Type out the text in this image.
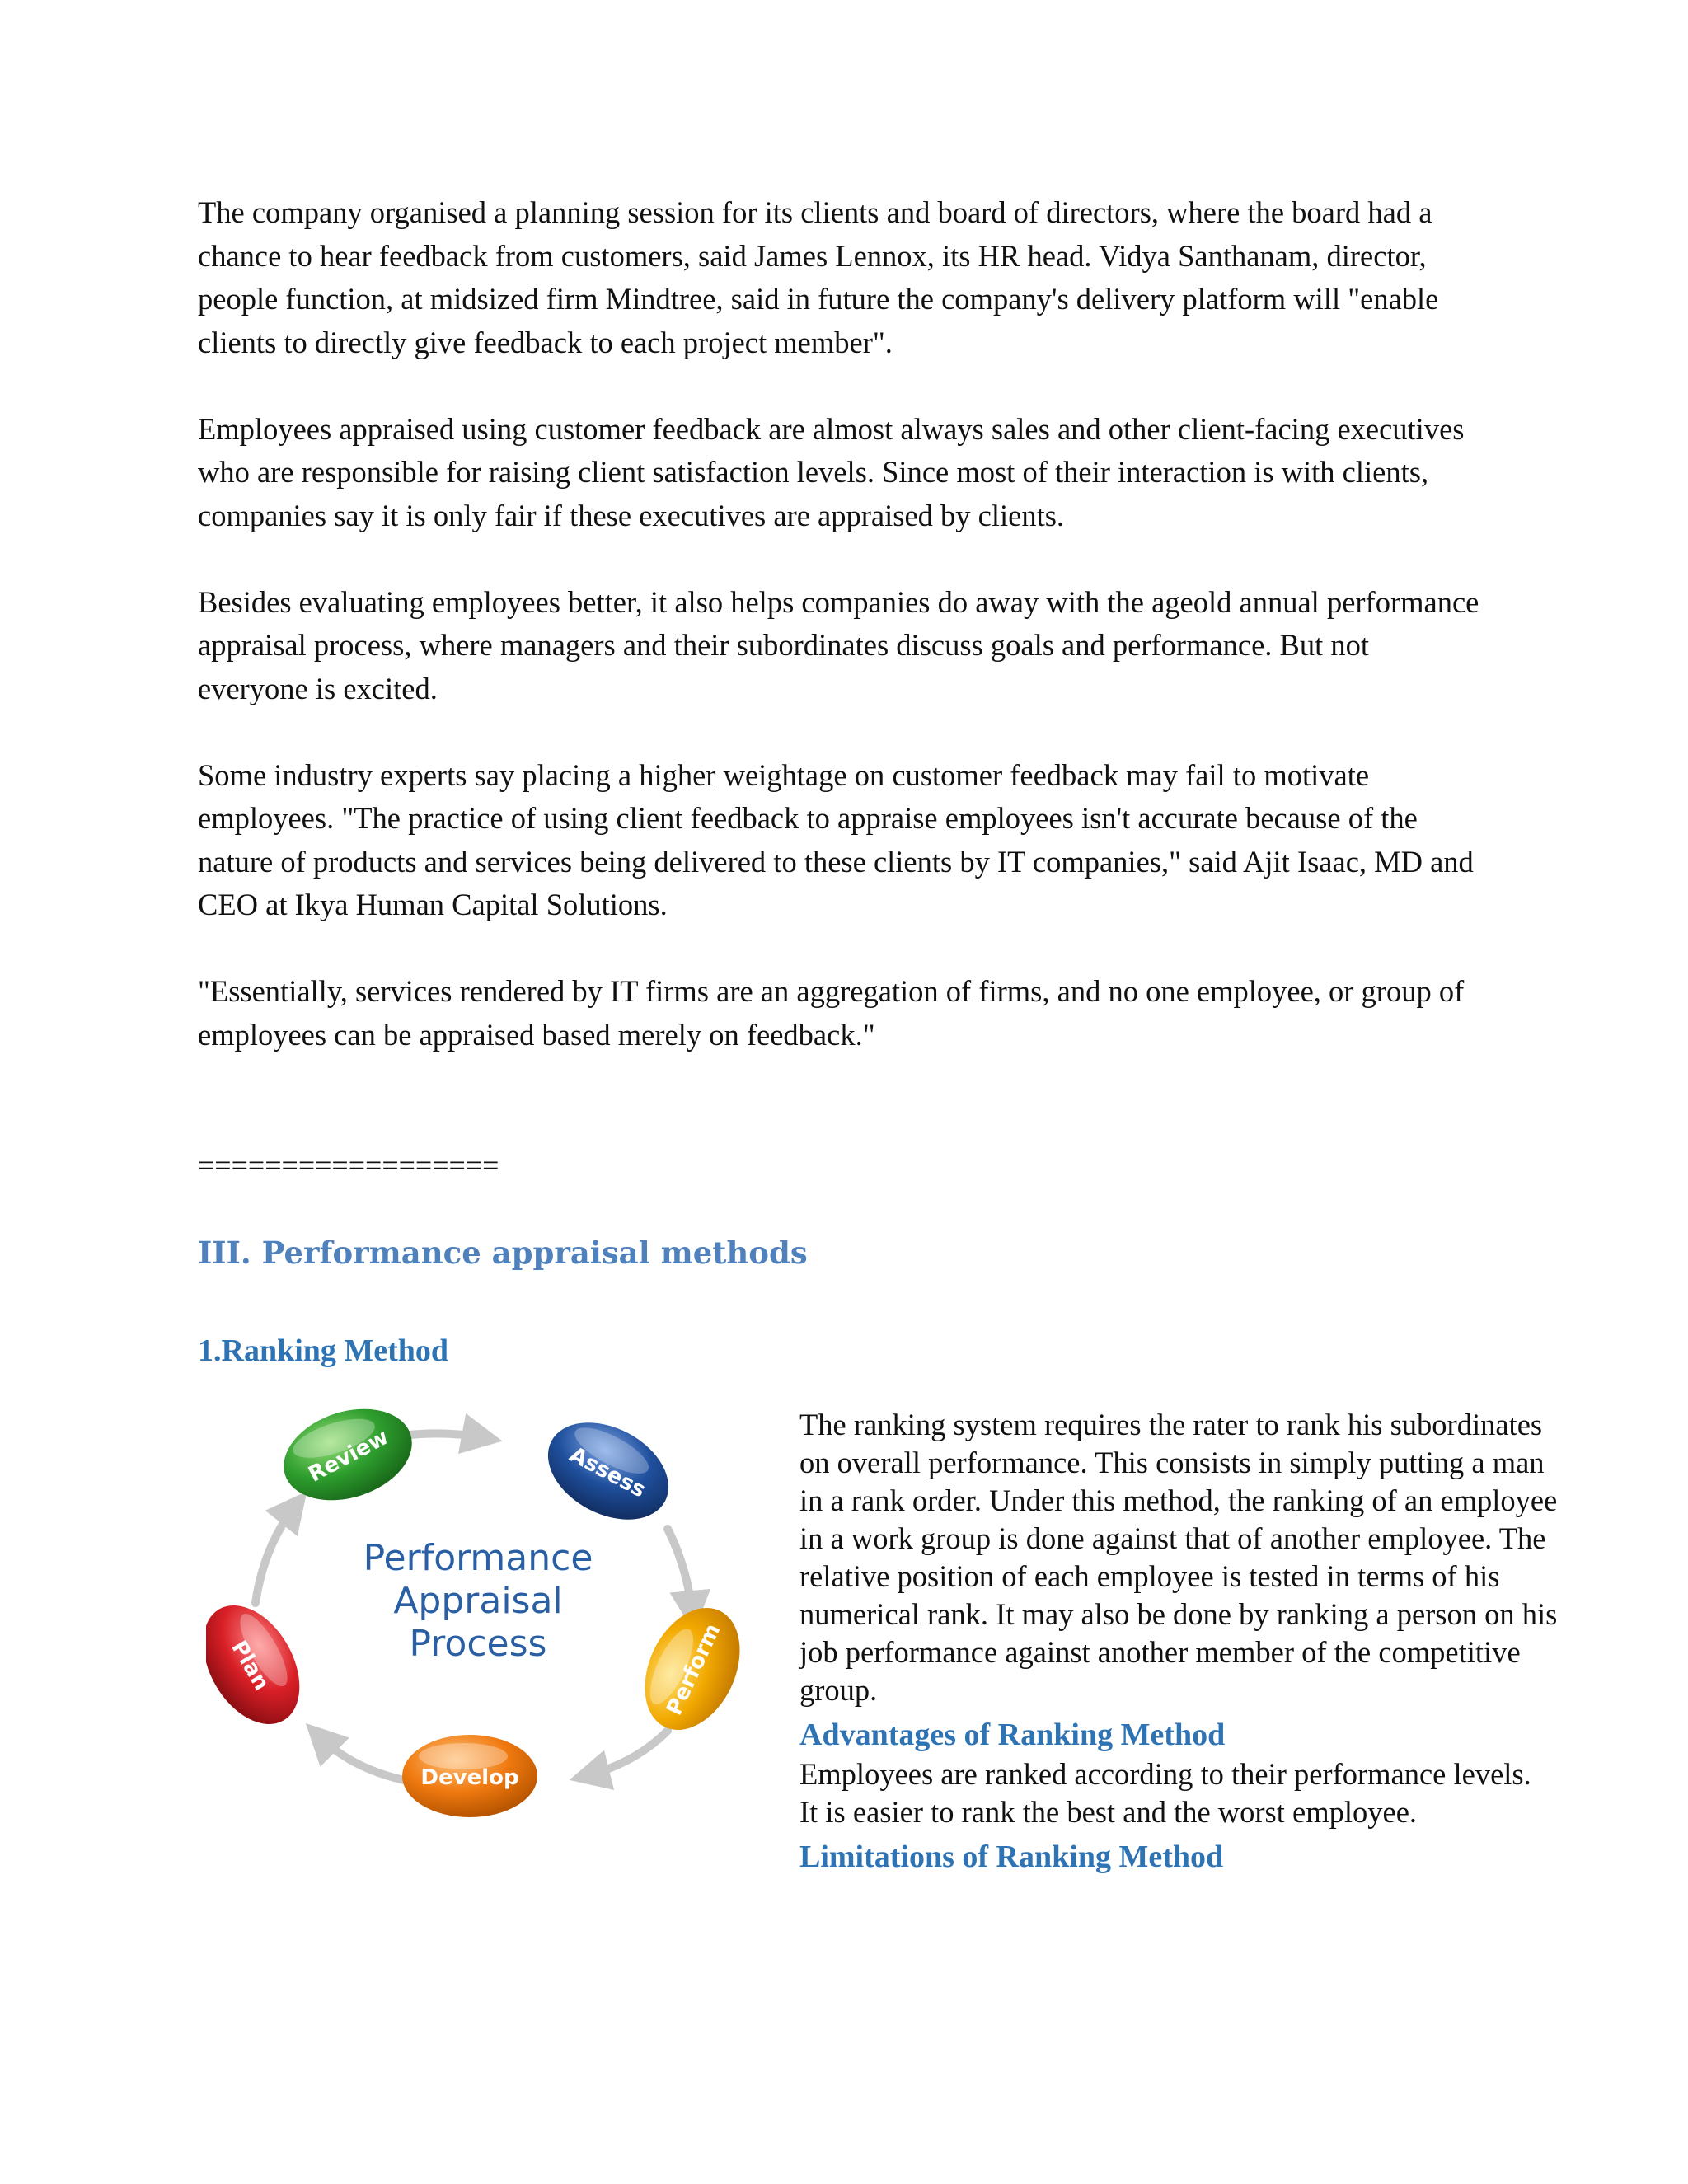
The company organised a planning session for its clients and board of directors, where the board had a chance to hear feedback from customers, said James Lennox, its HR head. Vidya Santhanam, director, people function, at midsized firm Mindtree, said in future the company's delivery platform will "enable clients to directly give feedback to each project member".

Employees appraised using customer feedback are almost always sales and other client-facing executives who are responsible for raising client satisfaction levels. Since most of their interaction is with clients, companies say it is only fair if these executives are appraised by clients.

Besides evaluating employees better, it also helps companies do away with the ageold annual performance appraisal process, where managers and their subordinates discuss goals and performance. But not everyone is excited.

Some industry experts say placing a higher weightage on customer feedback may fail to motivate employees. "The practice of using client feedback to appraise employees isn't accurate because of the nature of products and services being delivered to these clients by IT companies," said Ajit Isaac, MD and CEO at Ikya Human Capital Solutions.

"Essentially, services rendered by IT firms are an aggregation of firms, and no one employee, or group of employees can be appraised based merely on feedback."

==================
III. Performance appraisal methods
1.Ranking Method
Review	Assess
Perform
Develop
Plan
Performance
Appraisal
Process

The ranking system requires the rater to rank his subordinates on overall performance. This consists in simply putting a man in a rank order. Under this method, the ranking of an employee in a work group is done against that of another employee. The relative position of each employee is tested in terms of his numerical rank. It may also be done by ranking a person on his job performance against another member of the competitive group.

Advantages of Ranking Method

Employees are ranked according to their performance levels.

It is easier to rank the best and the worst employee.

Limitations of Ranking Method
